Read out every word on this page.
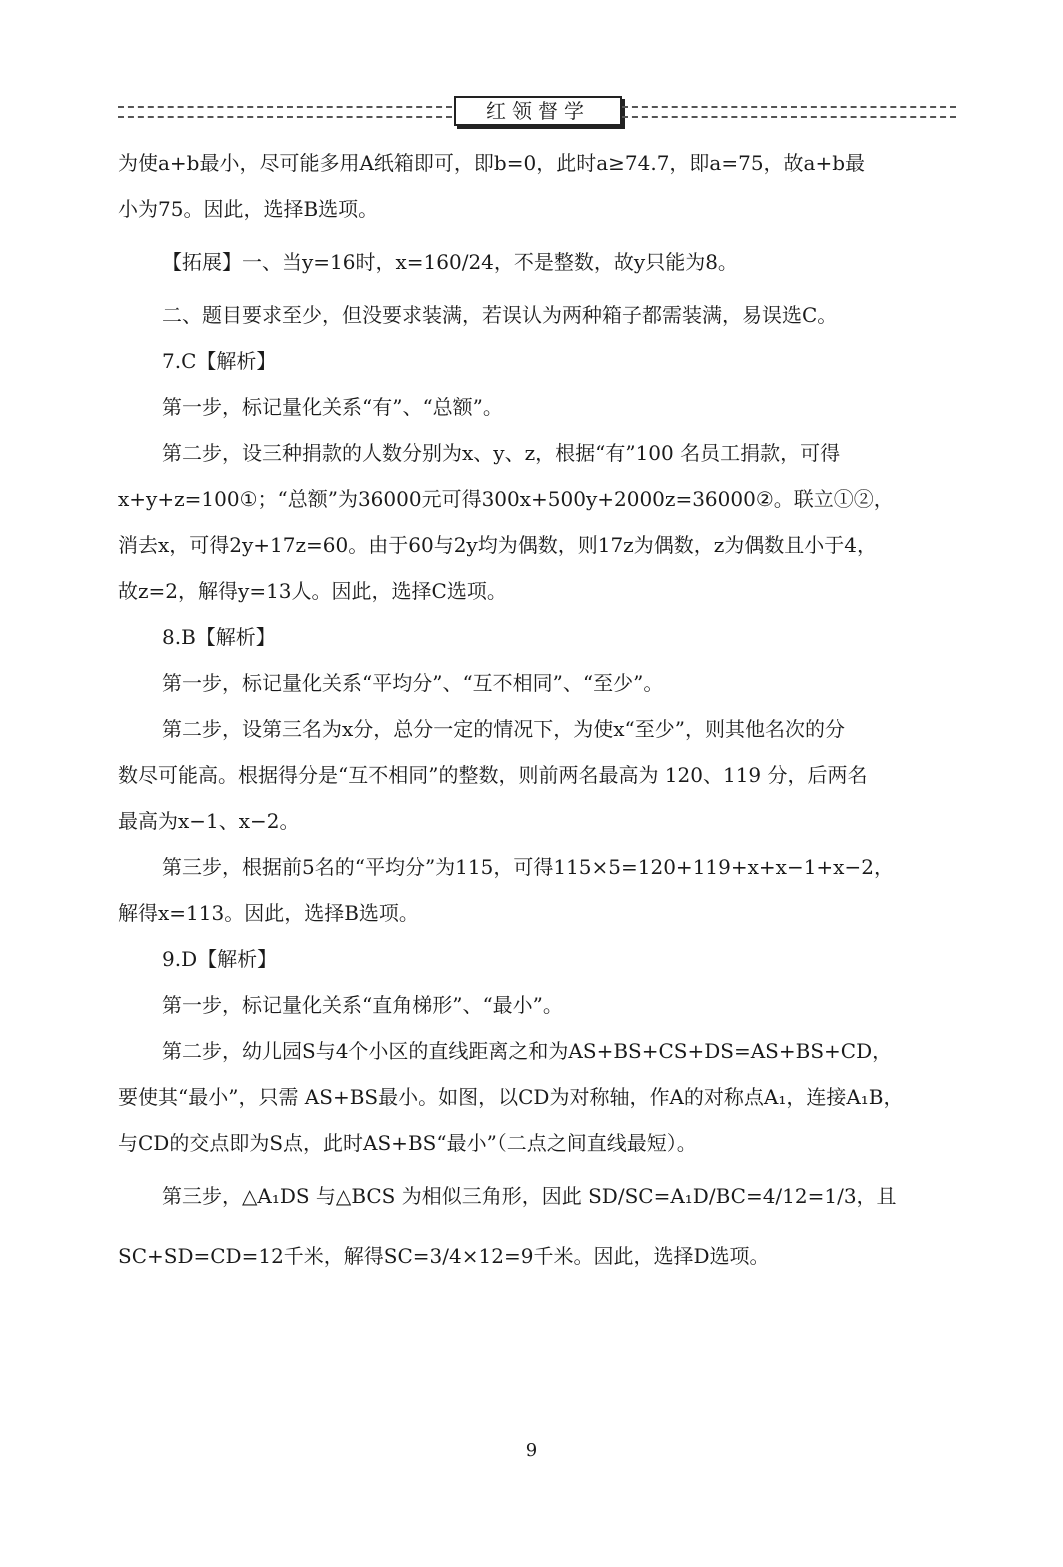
红领督学

为使a+b最小，尽可能多用A纸箱即可，即b=0，此时a≥74.7，即a=75，故a+b最

小为75。因此，选择B选项。

【拓展】一、当y=16时，x=160/24，不是整数，故y只能为8。

二、题目要求至少，但没要求装满，若误认为两种箱子都需装满，易误选C。

7.C【解析】

第一步，标记量化关系“有”、“总额”。

第二步，设三种捐款的人数分别为x、y、z，根据“有”100 名员工捐款，可得

x+y+z=100①；“总额”为36000元可得300x+500y+2000z=36000②。联立①②，

消去x，可得2y+17z=60。由于60与2y均为偶数，则17z为偶数，z为偶数且小于4，

故z=2，解得y=13人。因此，选择C选项。

8.B【解析】

第一步，标记量化关系“平均分”、“互不相同”、“至少”。

第二步，设第三名为x分，总分一定的情况下，为使x“至少”，则其他名次的分

数尽可能高。根据得分是“互不相同”的整数，则前两名最高为 120、119 分，后两名

最高为x−1、x−2。

第三步，根据前5名的“平均分”为115，可得115×5=120+119+x+x−1+x−2，

解得x=113。因此，选择B选项。

9.D【解析】

第一步，标记量化关系“直角梯形”、“最小”。

第二步，幼儿园S与4个小区的直线距离之和为AS+BS+CS+DS=AS+BS+CD，

要使其“最小”，只需 AS+BS最小。如图，以CD为对称轴，作A的对称点A₁，连接A₁B，

与CD的交点即为S点，此时AS+BS“最小”（二点之间直线最短）。

第三步，△A₁DS 与△BCS 为相似三角形，因此 SD/SC=A₁D/BC=4/12=1/3，且

SC+SD=CD=12千米，解得SC=3/4×12=9千米。因此，选择D选项。

9
